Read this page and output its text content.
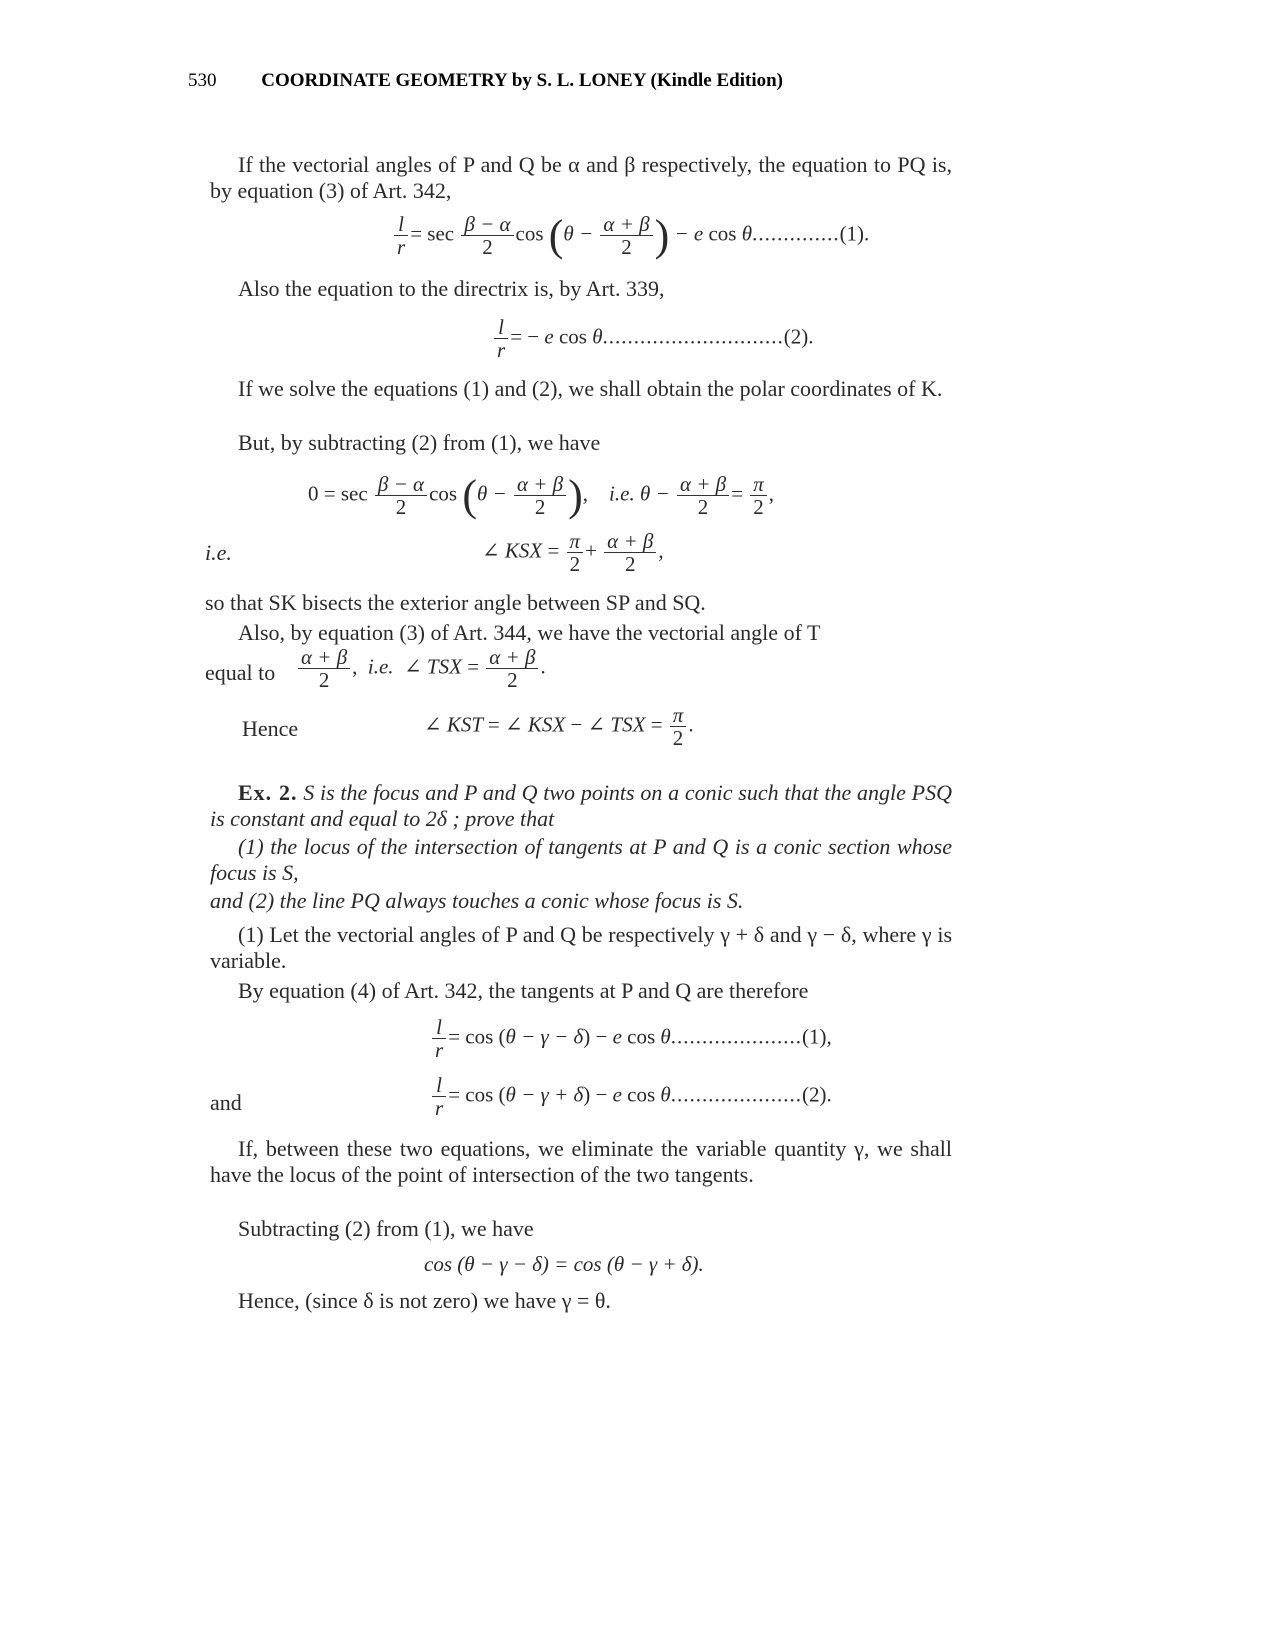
530 COORDINATE GEOMETRY by S. L. LONEY (Kindle Edition)
If the vectorial angles of P and Q be α and β respectively, the equation to PQ is, by equation (3) of Art. 342,
$\frac{l}{r} = \sec \frac{\beta - \alpha}{2}$ $\cos (\theta - \frac{\alpha + \beta}{2}$ ) − e cos θ..............(1).
Also the equation to the directrix is, by Art. 339,
$\frac{l}{r}$ = − e cos θ.............................(2).
If we solve the equations (1) and (2), we shall obtain the polar coordinates of K.
But, by subtracting (2) from (1), we have
$0 = \sec \frac{\beta - \alpha}{2}$ $\cos (\theta - \frac{\alpha + \beta}{2}$ ), i.e. $\theta - \frac{\alpha + \beta}{2} = \frac{\pi}{2}$ ,
i.e.	∠ KSX = $\frac{\pi}{2} + \frac{\alpha + \beta}{2}$ ,
so that SK bisects the exterior angle between SP and SQ.
Also, by equation (3) of Art. 344, we have the vectorial angle of T
equal to $\frac{\alpha + \beta}{2}$ ,  i.e.  ∠ TSX = $\frac{\alpha + \beta}{2}$ .
Hence	∠ KST = ∠ KSX − ∠ TSX = $\frac{\pi}{2}$ .
Ex. 2. S is the focus and P and Q two points on a conic such that the angle PSQ is constant and equal to 2δ ; prove that
(1) the locus of the intersection of tangents at P and Q is a conic section whose focus is S,
and (2) the line PQ always touches a conic whose focus is S.
(1) Let the vectorial angles of P and Q be respectively γ + δ and γ − δ, where γ is variable.
By equation (4) of Art. 342, the tangents at P and Q are therefore
$\frac{l}{r} = \cos (\theta - \gamma - \delta) - e$ cos θ.....................(1),
and	$\frac{l}{r} = \cos (\theta - \gamma + \delta) - e$ cos θ.....................(2).
If, between these two equations, we eliminate the variable quantity γ, we shall have the locus of the point of intersection of the two tangents.
Subtracting (2) from (1), we have
cos (θ − γ − δ) = cos (θ − γ + δ).
Hence, (since δ is not zero) we have γ = θ.
